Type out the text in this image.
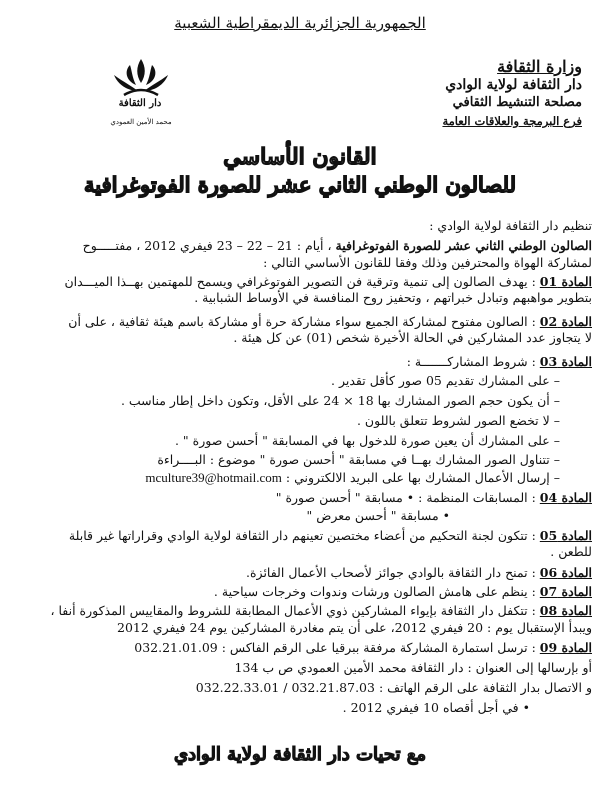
الجمهورية الجزائرية الديمقراطية الشعبية
وزارة الثقافة
دار الثقافة لولاية الوادي
مصلحة التنشيط الثقافي
فرع البرمجة والعلاقات العامة
دار الثقافة
محمد الأمين العمودي
القانون الأساسي
للصالون الوطني الثاني عشر للصورة الفوتوغرافية
تنظيم دار الثقافة لولاية الوادي :
الصالون الوطني الثاني عشر للصورة الفوتوغرافية ، أيام : 21 – 22 – 23 فيفري 2012 ، مفتـــــوح
لمشاركة الهواة والمحترفين وذلك وفقا للقانون الأساسي التالي :
المادة 01 : يهدف الصالون إلى تنمية وترقية فن التصوير الفوتوغرافي ويسمح للمهتمين بهــذا الميـــدان
بتطوير مواهبهم وتبادل خبراتهم ، وتحفيز روح المنافسة في الأوساط الشبابية .
المادة 02 : الصالون مفتوح لمشاركة الجميع سواء مشاركة حرة أو مشاركة باسم هيئة ثقافية ، على أن
لا يتجاوز عدد المشاركين في الحالة الأخيرة شخص (01) عن كل هيئة .
المادة 03 : شروط المشاركـــــــة :
– على المشارك تقديم 05 صور كأقل تقدير .
– أن يكون حجم الصور المشارك بها 18 × 24 على الأقل، وتكون داخل إطار مناسب .
– لا تخضع الصور لشروط تتعلق باللون .
– على المشارك أن يعين صورة للدخول بها في المسابقة " أحسن صورة " .
– تتناول الصور المشارك بهــا في مسابقة " أحسن صورة " موضوع : البــــراءة
– إرسال الأعمال المشارك بها على البريد الالكتروني : mculture39@hotmail.com
المادة 04 : المسابقات المنظمة : • مسابقة " أحسن صورة "
• مسابقة " أحسن معرض "
المادة 05 : تتكون لجنة التحكيم من أعضاء مختصين تعينهم دار الثقافة لولاية الوادي وقراراتها غير قابلة
للطعن .
المادة 06 : تمنح دار الثقافة بالوادي جوائز لأصحاب الأعمال الفائزة.
المادة 07 : ينظم على هامش الصالون ورشات وندوات وخرجات سياحية .
المادة 08 : تتكفل دار الثقافة بإيواء المشاركين ذوي الأعمال المطابقة للشروط والمقاييس المذكورة أنفا ،
ويبدأ الإستقبال يوم : 20 فيفري 2012، على أن يتم مغادرة المشاركين يوم 24 فيفري 2012
المادة 09 : ترسل استمارة المشاركة مرفقة ببرقيا على الرقم الفاكس : 032.21.01.09
أو بإرسالها إلى العنوان : دار الثقافة محمد الأمين العمودي ص ب 134
و الاتصال بدار الثقافة على الرقم الهاتف : 032.21.87.03 / 032.22.33.01
• في أجل أقصاه 10 فيفري 2012 .
مع تحيات دار الثقافة لولاية الوادي
